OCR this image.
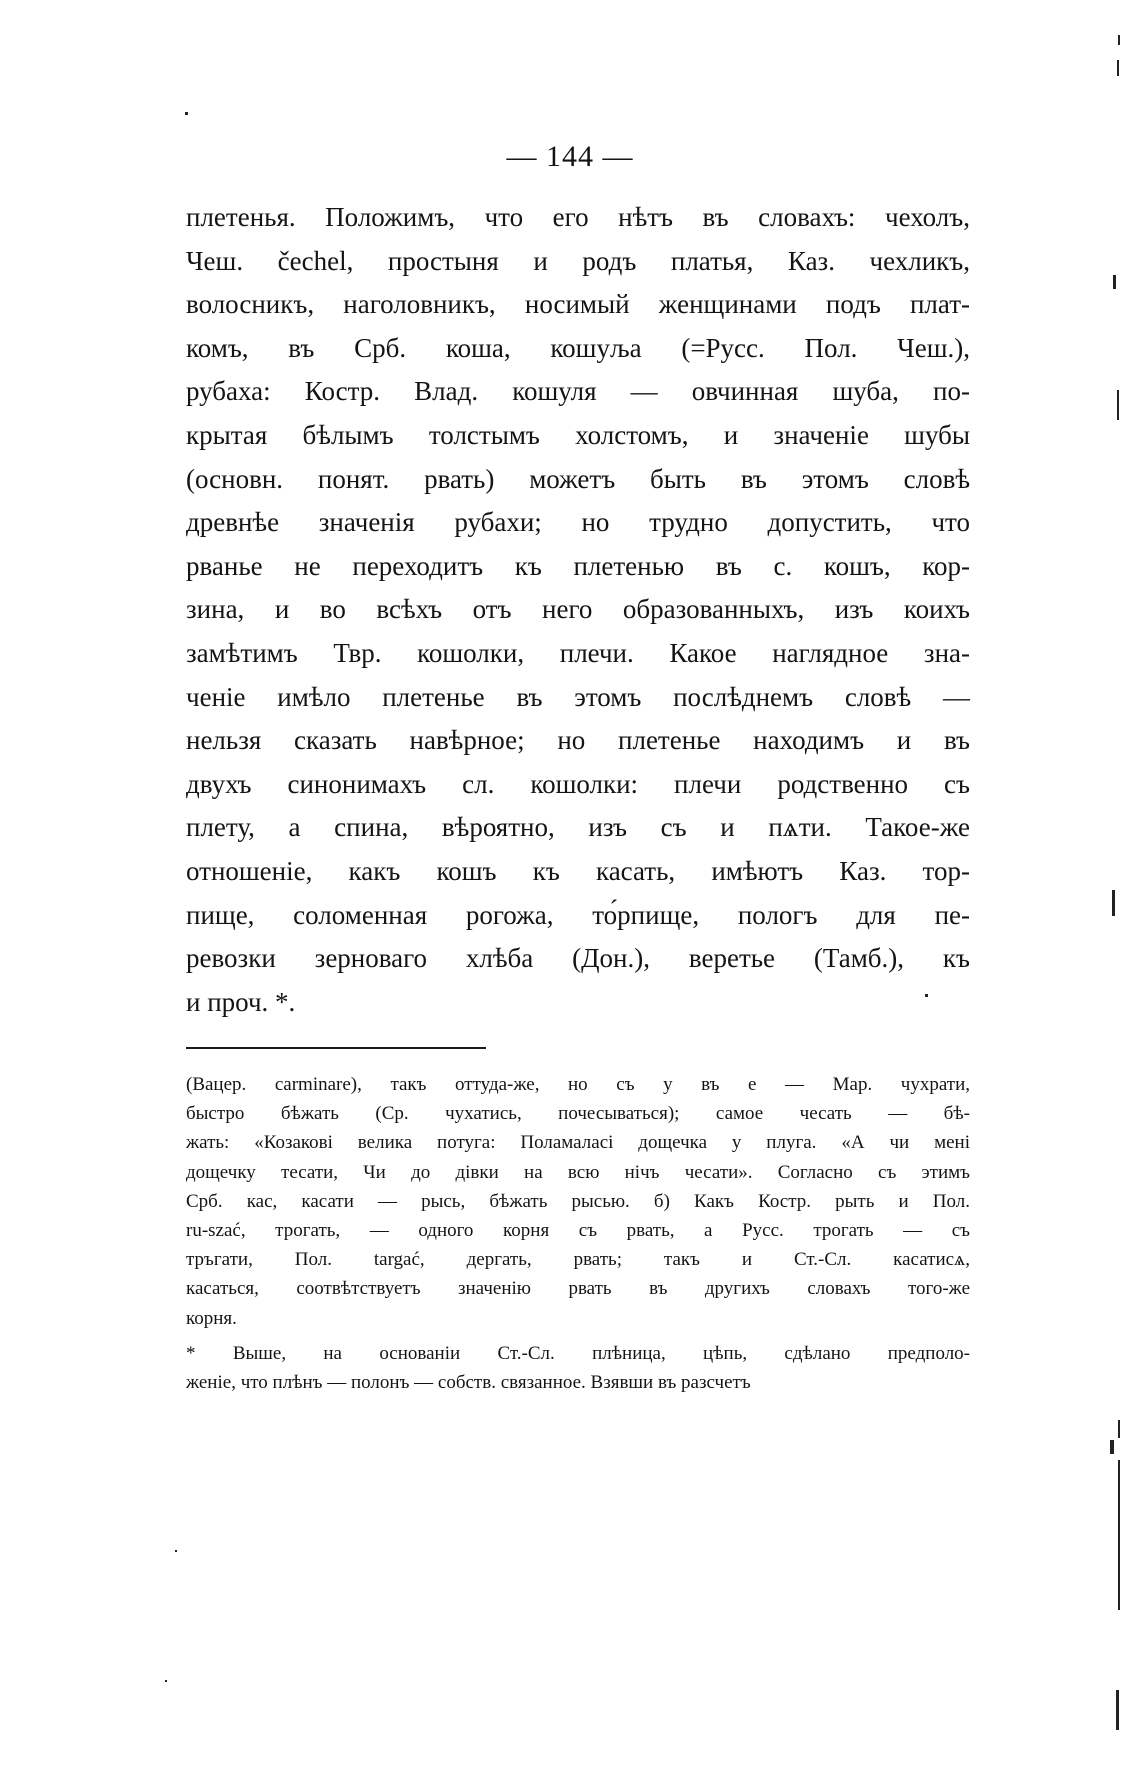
— 144 —
плетенья. Положимъ, что его нѣтъ въ словахъ: чехолъ,
Чеш. čechel, простыня и родъ платья, Каз. чехликъ,
волосникъ, наголовникъ, носимый женщинами подъ плат-
комъ, въ Срб. коша, кошуља (=Русс. Пол. Чеш.),
рубаха: Костр. Влад. кошуля — овчинная шуба, по-
крытая бѣлымъ толстымъ холстомъ, и значеніе шубы
(основн. понят. рвать) можетъ быть въ этомъ словѣ
древнѣе значенія рубахи; но трудно допустить, что
рванье не переходитъ къ плетенью въ с. кошъ, кор-
зина, и во всѣхъ отъ него образованныхъ, изъ коихъ
замѣтимъ Твр. кошолки, плечи. Какое наглядное зна-
ченіе имѣло плетенье въ этомъ послѣднемъ словѣ —
нельзя сказать навѣрное; но плетенье находимъ и въ
двухъ синонимахъ сл. кошолки: плечи родственно съ
плету, а спина, вѣроятно, изъ съ и пѧти. Такое-же
отношеніе, какъ кошъ къ касать, имѣютъ Каз. тор-
пище, соломенная рогожа, то́рпище, пологъ для пе-
ревозки зерноваго хлѣба (Дон.), веретье (Тамб.), къ
и проч. *.
(Вацер. carminare), такъ оттуда-же, но съ у въ е — Мар. чухрати,
быстро бѣжать (Ср. чухатись, почесываться); самое чесать — бѣ-
жать: «Козакові велика потуга: Поламаласі дощечка у плуга. «А чи мені
дощечку тесати, Чи до дівки на всю нічъ чесати». Согласно съ этимъ
Срб. кас, касати — рысь, бѣжать рысью. б) Какъ Костр. рыть и Пол.
ru-szać, трогать, — одного корня съ рвать, а Русс. трогать — съ
тръгати, Пол. targać, дергать, рвать; такъ и Ст.-Сл. касатисѧ,
касаться, соотвѣтствуетъ значенію рвать въ другихъ словахъ того-же
корня.
* Выше, на основаніи Ст.-Сл. плѣница, цѣпь, сдѣлано предполо-
женіе, что плѣнъ — полонъ — собств. связанное. Взявши въ разсчетъ
